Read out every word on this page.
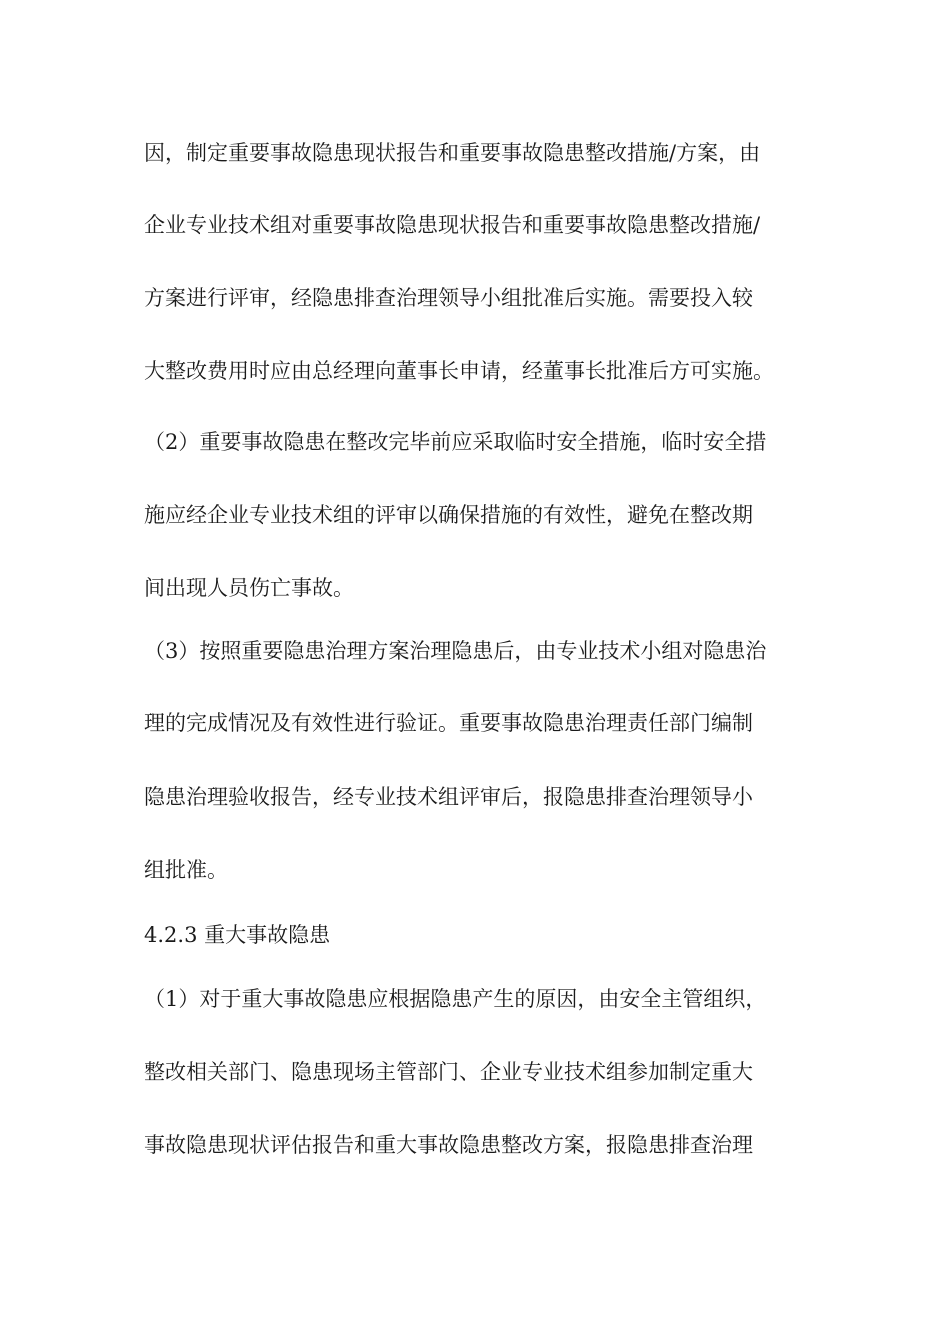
因，制定重要事故隐患现状报告和重要事故隐患整改措施/方案，由
企业专业技术组对重要事故隐患现状报告和重要事故隐患整改措施/
方案进行评审，经隐患排查治理领导小组批准后实施。需要投入较
大整改费用时应由总经理向董事长申请，经董事长批准后方可实施。
（2）重要事故隐患在整改完毕前应采取临时安全措施，临时安全措
施应经企业专业技术组的评审以确保措施的有效性，避免在整改期
间出现人员伤亡事故。
（3）按照重要隐患治理方案治理隐患后，由专业技术小组对隐患治
理的完成情况及有效性进行验证。重要事故隐患治理责任部门编制
隐患治理验收报告，经专业技术组评审后，报隐患排查治理领导小
组批准。
4.2.3 重大事故隐患
（1）对于重大事故隐患应根据隐患产生的原因，由安全主管组织，
整改相关部门、隐患现场主管部门、企业专业技术组参加制定重大
事故隐患现状评估报告和重大事故隐患整改方案，报隐患排查治理
